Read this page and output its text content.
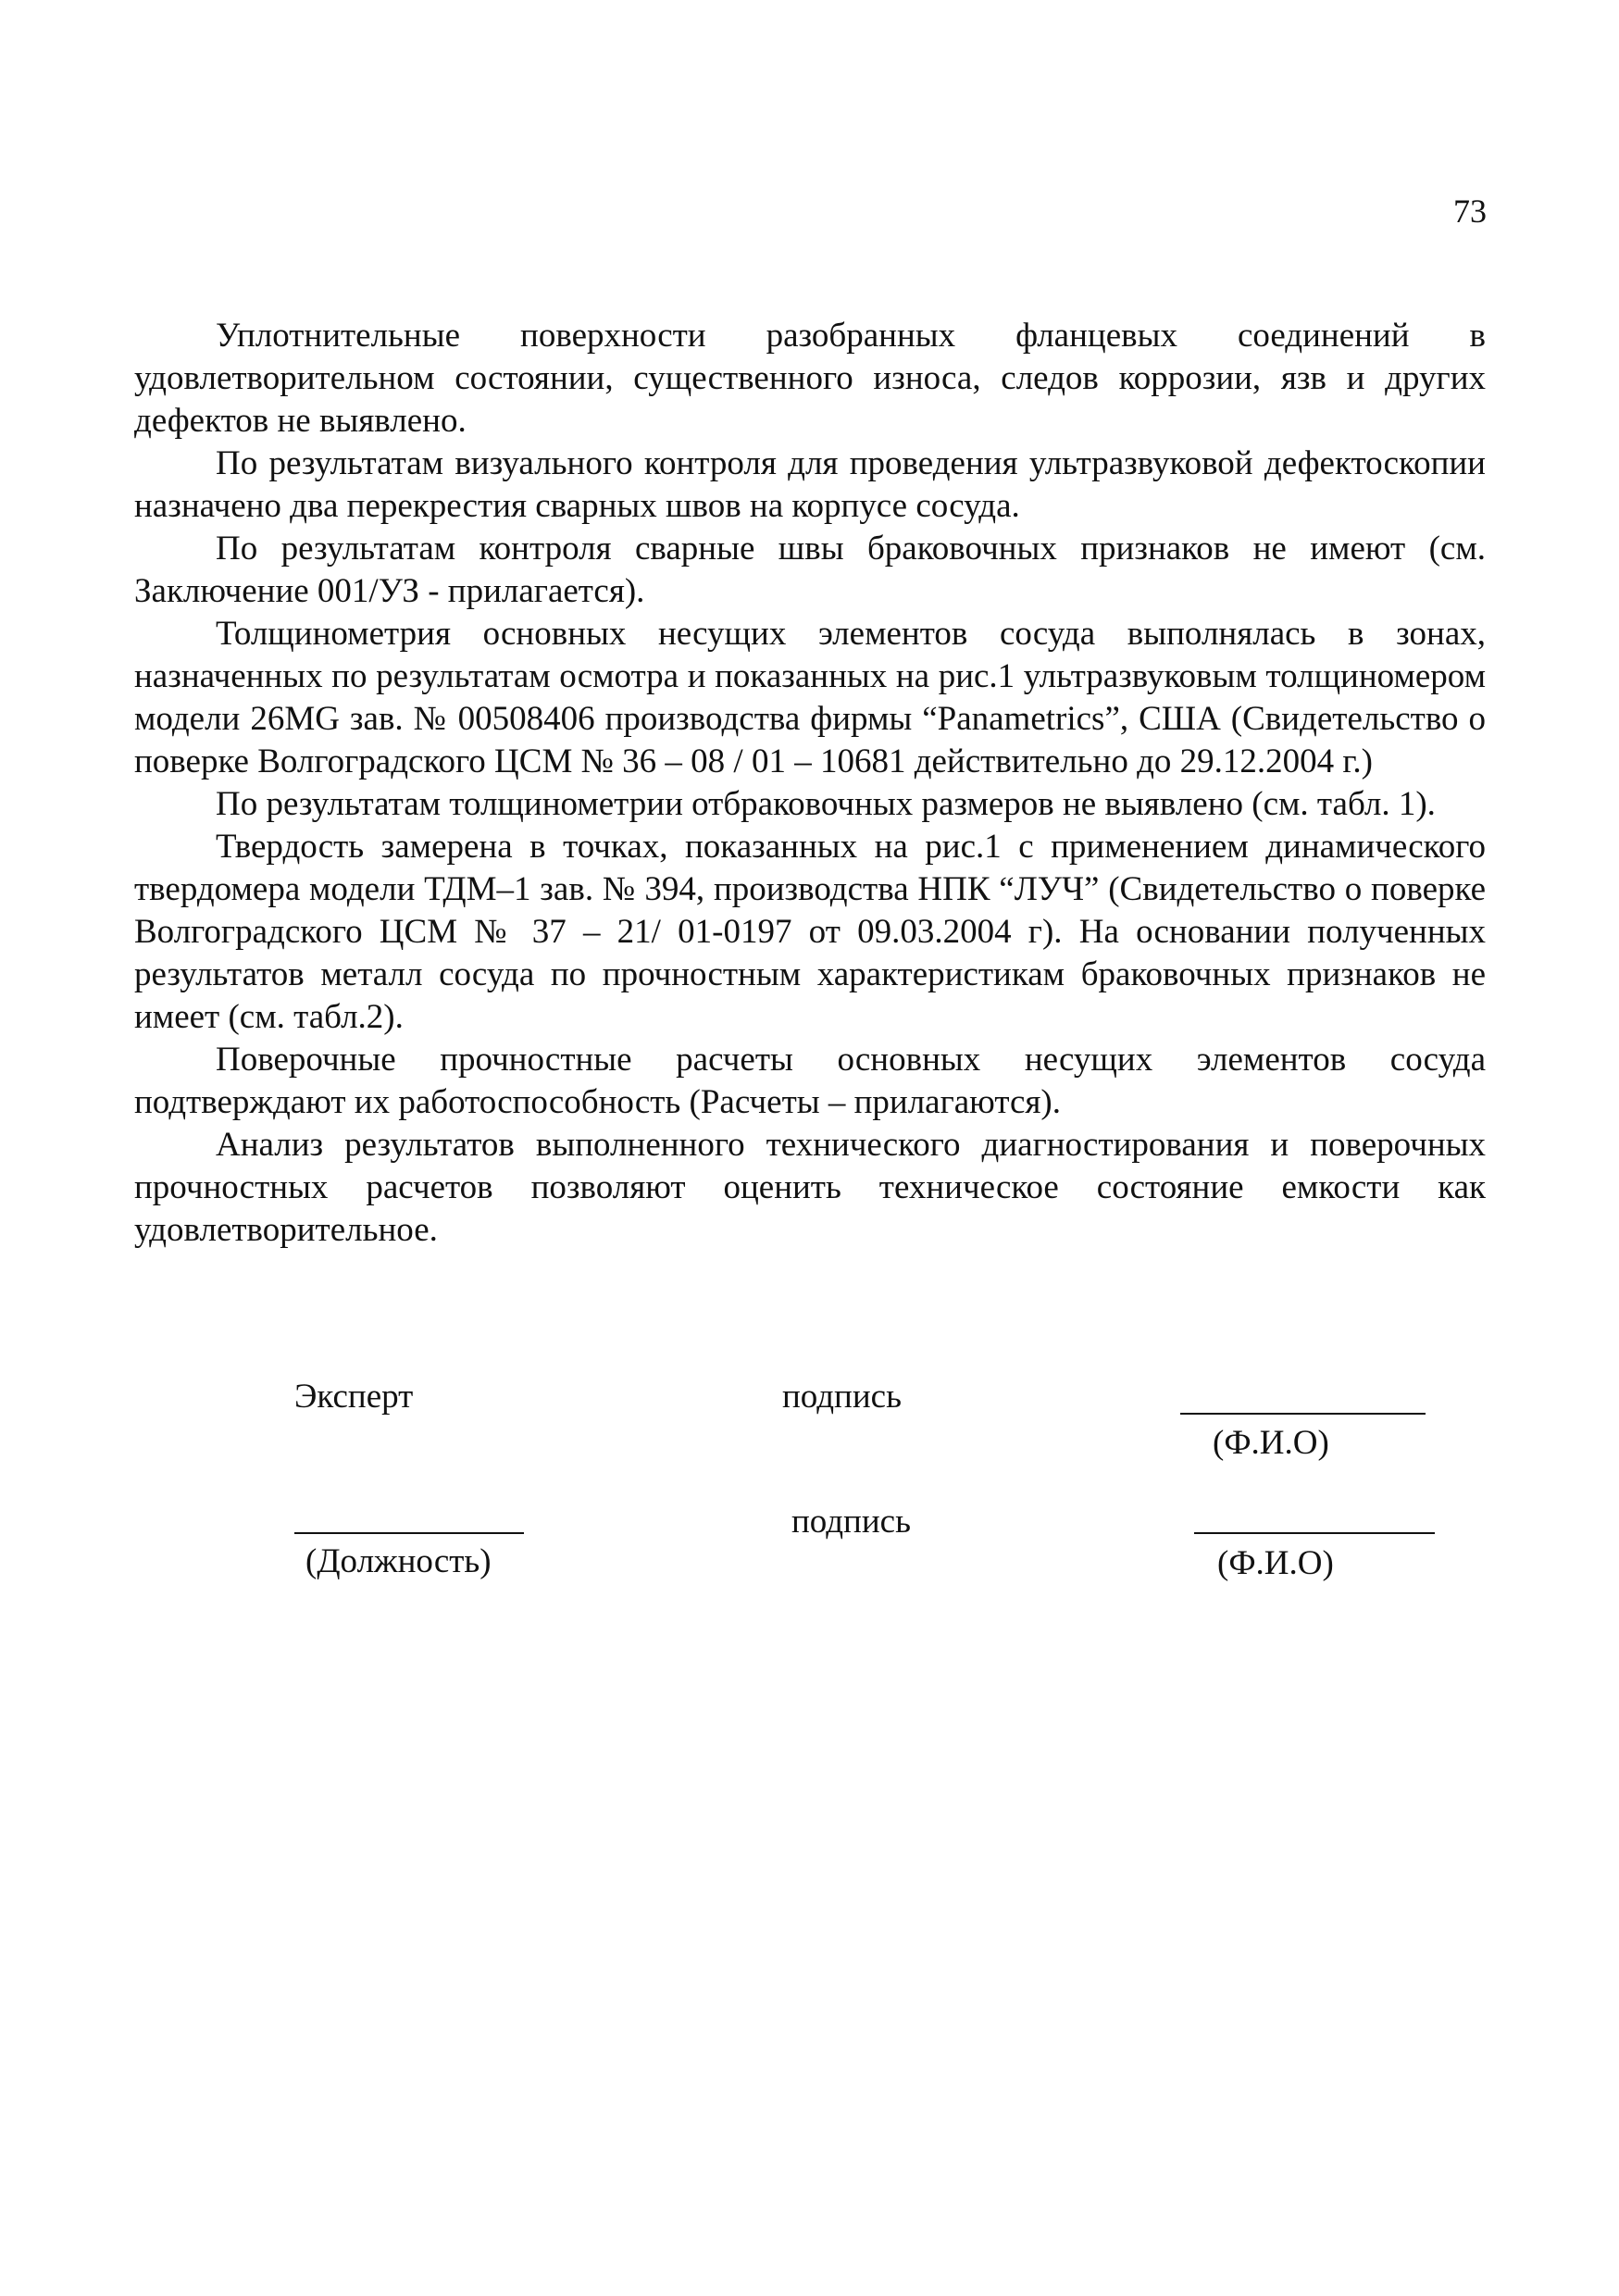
73

Уплотнительные поверхности разобранных фланцевых соединений в удовлетворительном состоянии, существенного износа, следов коррозии, язв и других дефектов не выявлено.

По результатам визуального контроля для проведения ультразвуковой дефектоскопии назначено два перекрестия сварных швов на корпусе сосуда.

По результатам контроля сварные швы браковочных признаков не имеют (см. Заключение 001/УЗ - прилагается).

Толщинометрия основных несущих элементов сосуда выполнялась в зонах, назначенных по результатам осмотра и показанных на рис.1 ультразвуковым толщиномером модели 26MG зав. № 00508406 производства фирмы “Panametrics”, США (Свидетельство о поверке Волгоградского ЦСМ № 36 – 08 / 01 – 10681 действительно до 29.12.2004 г.)

По результатам толщинометрии отбраковочных размеров не выявлено (см. табл. 1).

Твердость замерена в точках, показанных на рис.1 с применением динамического твердомера модели ТДМ–1 зав. № 394, производства НПК “ЛУЧ” (Свидетельство о поверке Волгоградского ЦСМ № 37 – 21/ 01-0197 от 09.03.2004 г). На основании полученных результатов металл сосуда по прочностным характеристикам браковочных признаков не имеет (см. табл.2).

Поверочные прочностные расчеты основных несущих элементов сосуда подтверждают их работоспособность (Расчеты – прилагаются).

Анализ результатов выполненного технического диагностирования и поверочных прочностных расчетов позволяют оценить техническое состояние емкости как удовлетворительное.

Эксперт	подпись
(Ф.И.О)
подпись
(Должность)	(Ф.И.О)
